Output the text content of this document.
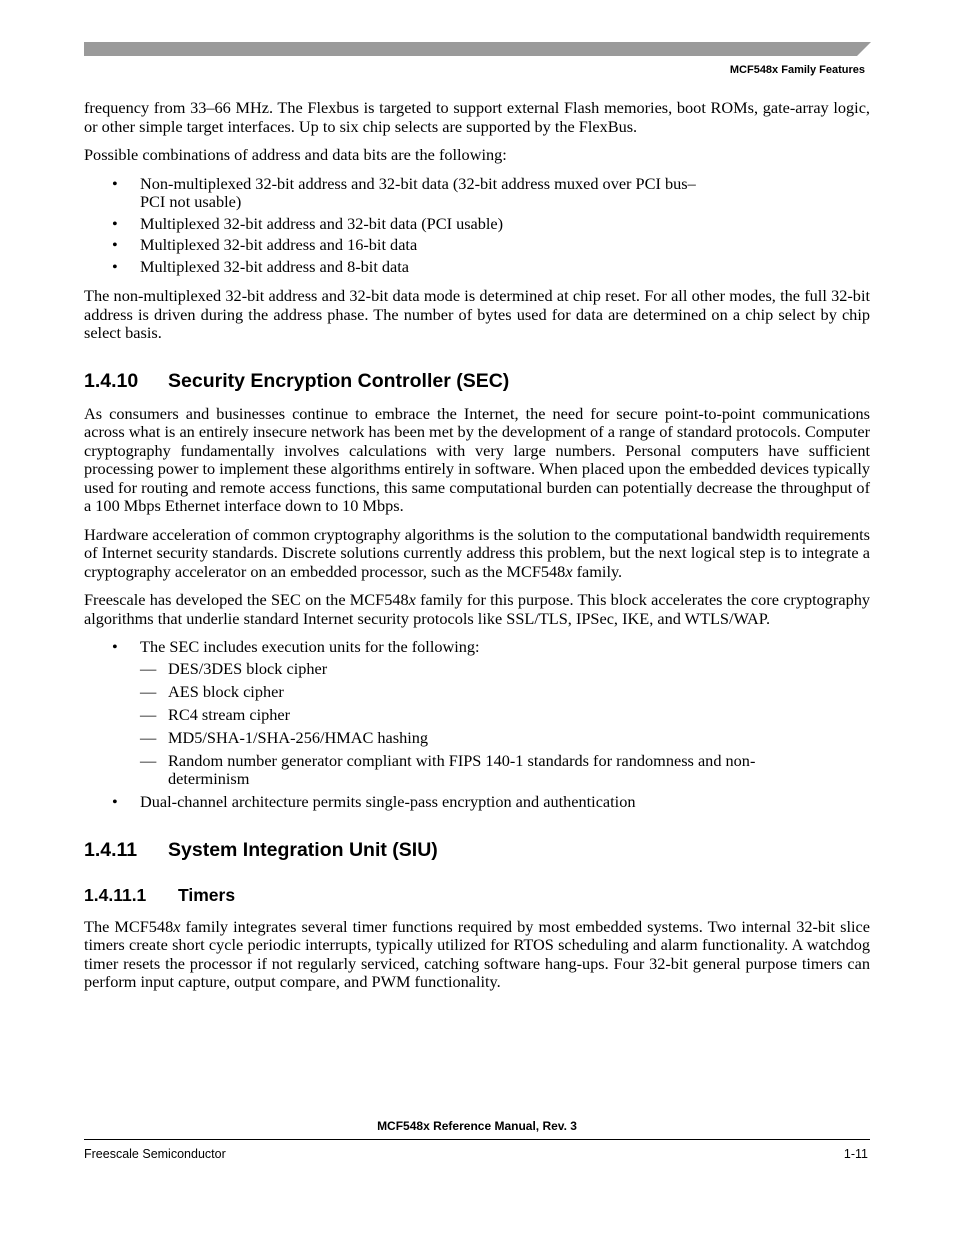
MCF548x Family Features

frequency from 33–66 MHz. The Flexbus is targeted to support external Flash memories, boot ROMs, gate-array logic, or other simple target interfaces. Up to six chip selects are supported by the FlexBus.

Possible combinations of address and data bits are the following:

• Non-multiplexed 32-bit address and 32-bit data (32-bit address muxed over PCI bus–PCI not usable)
• Multiplexed 32-bit address and 32-bit data (PCI usable)
• Multiplexed 32-bit address and 16-bit data
• Multiplexed 32-bit address and 8-bit data

The non-multiplexed 32-bit address and 32-bit data mode is determined at chip reset. For all other modes, the full 32-bit address is driven during the address phase. The number of bytes used for data are determined on a chip select by chip select basis.

1.4.10 Security Encryption Controller (SEC)

As consumers and businesses continue to embrace the Internet, the need for secure point-to-point communications across what is an entirely insecure network has been met by the development of a range of standard protocols. Computer cryptography fundamentally involves calculations with very large numbers. Personal computers have sufficient processing power to implement these algorithms entirely in software. When placed upon the embedded devices typically used for routing and remote access functions, this same computational burden can potentially decrease the throughput of a 100 Mbps Ethernet interface down to 10 Mbps.

Hardware acceleration of common cryptography algorithms is the solution to the computational bandwidth requirements of Internet security standards. Discrete solutions currently address this problem, but the next logical step is to integrate a cryptography accelerator on an embedded processor, such as the MCF548x family.

Freescale has developed the SEC on the MCF548x family for this purpose. This block accelerates the core cryptography algorithms that underlie standard Internet security protocols like SSL/TLS, IPSec, IKE, and WTLS/WAP.

• The SEC includes execution units for the following:
— DES/3DES block cipher
— AES block cipher
— RC4 stream cipher
— MD5/SHA-1/SHA-256/HMAC hashing
— Random number generator compliant with FIPS 140-1 standards for randomness and non-determinism
• Dual-channel architecture permits single-pass encryption and authentication
1.4.11 System Integration Unit (SIU)
1.4.11.1 Timers

The MCF548x family integrates several timer functions required by most embedded systems. Two internal 32-bit slice timers create short cycle periodic interrupts, typically utilized for RTOS scheduling and alarm functionality. A watchdog timer resets the processor if not regularly serviced, catching software hang-ups. Four 32-bit general purpose timers can perform input capture, output compare, and PWM functionality.

MCF548x Reference Manual, Rev. 3
Freescale Semiconductor	1-11
